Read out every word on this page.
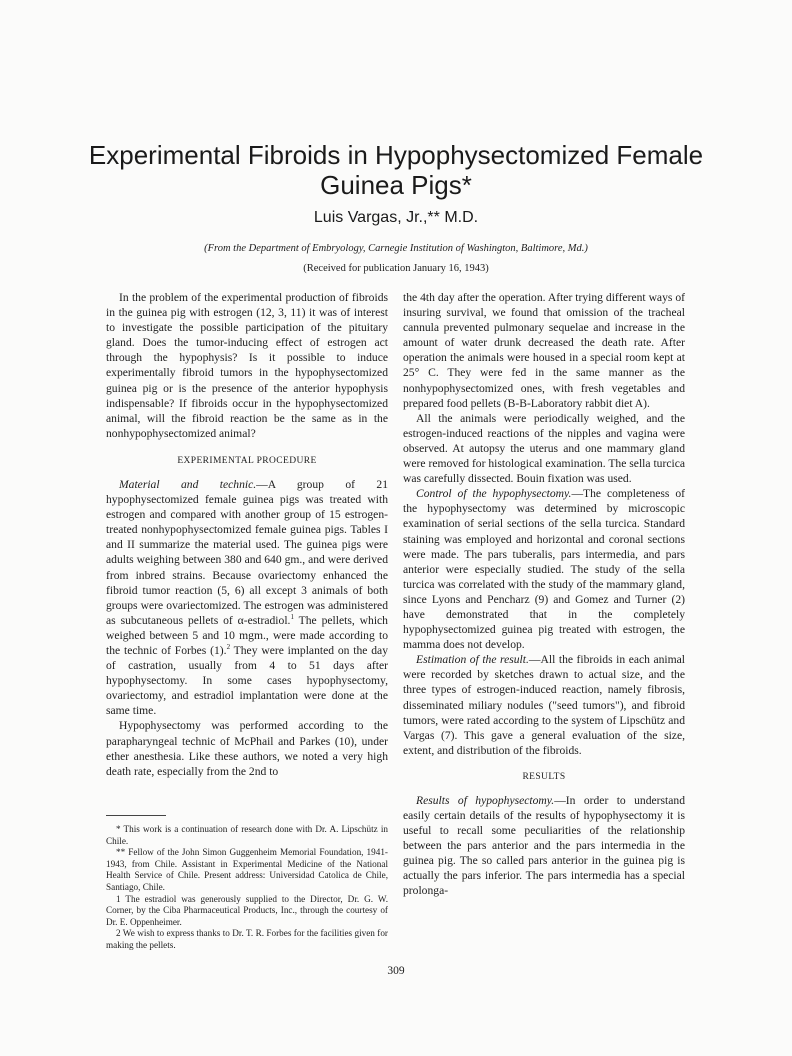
Experimental Fibroids in Hypophysectomized Female Guinea Pigs*
Luis Vargas, Jr.,** M.D.
(From the Department of Embryology, Carnegie Institution of Washington, Baltimore, Md.)
(Received for publication January 16, 1943)

In the problem of the experimental production of fibroids in the guinea pig with estrogen (12, 3, 11) it was of interest to investigate the possible participation of the pituitary gland. Does the tumor-inducing effect of estrogen act through the hypophysis? Is it possible to induce experimentally fibroid tumors in the hypophysectomized guinea pig or is the presence of the anterior hypophysis indispensable? If fibroids occur in the hypophysectomized animal, will the fibroid reaction be the same as in the nonhypophysectomized animal?

EXPERIMENTAL PROCEDURE

Material and technic.—A group of 21 hypophysectomized female guinea pigs was treated with estrogen and compared with another group of 15 estrogen-treated nonhypophysectomized female guinea pigs. Tables I and II summarize the material used. The guinea pigs were adults weighing between 380 and 640 gm., and were derived from inbred strains. Because ovariectomy enhanced the fibroid tumor reaction (5, 6) all except 3 animals of both groups were ovariectomized. The estrogen was administered as subcutaneous pellets of α-estradiol.$^1$ The pellets, which weighed between 5 and 10 mgm., were made according to the technic of Forbes (1).$^2$ They were implanted on the day of castration, usually from 4 to 51 days after hypophysectomy. In some cases hypophysectomy, ovariectomy, and estradiol implantation were done at the same time.

Hypophysectomy was performed according to the parapharyngeal technic of McPhail and Parkes (10), under ether anesthesia. Like these authors, we noted a very high death rate, especially from the 2nd to

* This work is a continuation of research done with Dr. A. Lipschütz in Chile.

** Fellow of the John Simon Guggenheim Memorial Foundation, 1941-1943, from Chile. Assistant in Experimental Medicine of the National Health Service of Chile. Present address: Universidad Catolica de Chile, Santiago, Chile.

1 The estradiol was generously supplied to the Director, Dr. G. W. Corner, by the Ciba Pharmaceutical Products, Inc., through the courtesy of Dr. E. Oppenheimer.

2 We wish to express thanks to Dr. T. R. Forbes for the facilities given for making the pellets.

the 4th day after the operation. After trying different ways of insuring survival, we found that omission of the tracheal cannula prevented pulmonary sequelae and increase in the amount of water drunk decreased the death rate. After operation the animals were housed in a special room kept at 25° C. They were fed in the same manner as the nonhypophysectomized ones, with fresh vegetables and prepared food pellets (B-B-Laboratory rabbit diet A).

All the animals were periodically weighed, and the estrogen-induced reactions of the nipples and vagina were observed. At autopsy the uterus and one mammary gland were removed for histological examination. The sella turcica was carefully dissected. Bouin fixation was used.

Control of the hypophysectomy.—The completeness of the hypophysectomy was determined by microscopic examination of serial sections of the sella turcica. Standard staining was employed and horizontal and coronal sections were made. The pars tuberalis, pars intermedia, and pars anterior were especially studied. The study of the sella turcica was correlated with the study of the mammary gland, since Lyons and Pencharz (9) and Gomez and Turner (2) have demonstrated that in the completely hypophysectomized guinea pig treated with estrogen, the mamma does not develop.

Estimation of the result.—All the fibroids in each animal were recorded by sketches drawn to actual size, and the three types of estrogen-induced reaction, namely fibrosis, disseminated miliary nodules ("seed tumors"), and fibroid tumors, were rated according to the system of Lipschütz and Vargas (7). This gave a general evaluation of the size, extent, and distribution of the fibroids.

RESULTS

Results of hypophysectomy.—In order to understand easily certain details of the results of hypophysectomy it is useful to recall some peculiarities of the relationship between the pars anterior and the pars intermedia in the guinea pig. The so called pars anterior in the guinea pig is actually the pars inferior. The pars intermedia has a special prolonga-

309
